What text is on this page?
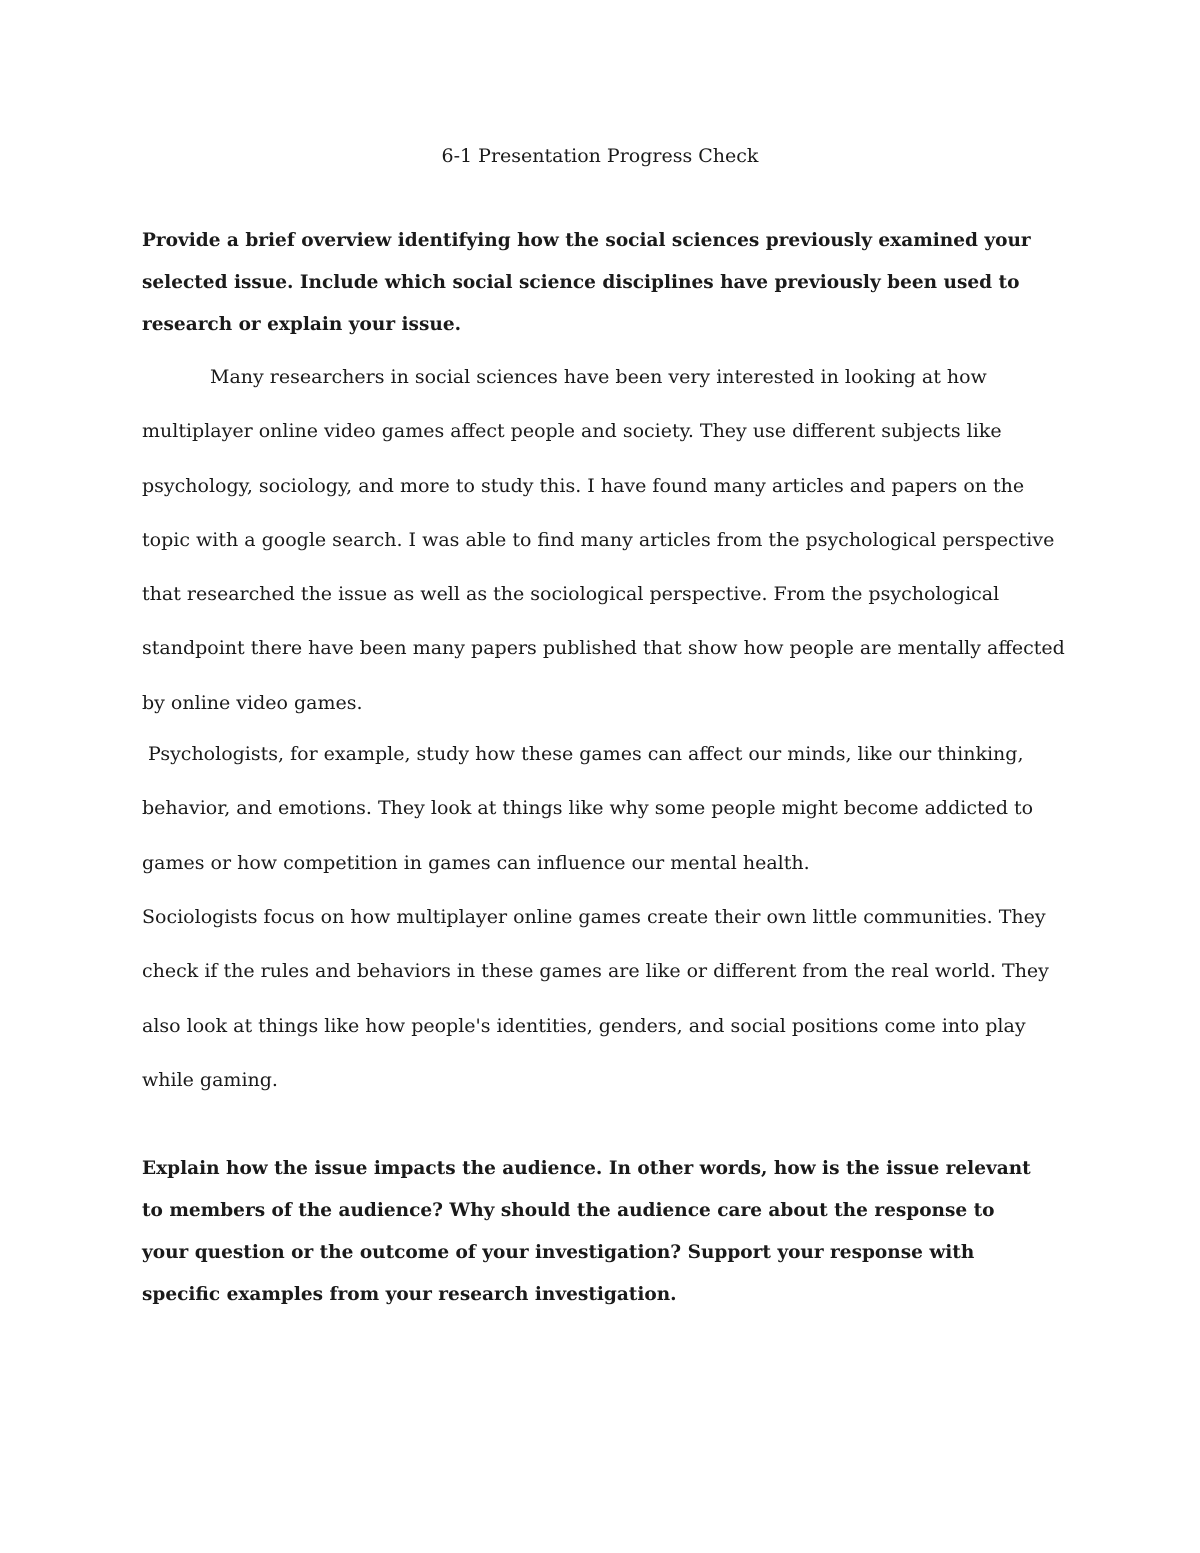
6-1 Presentation Progress Check

Provide a brief overview identifying how the social sciences previously examined your selected issue. Include which social science disciplines have previously been used to research or explain your issue.

Many researchers in social sciences have been very interested in looking at how multiplayer online video games affect people and society. They use different subjects like psychology, sociology, and more to study this. I have found many articles and papers on the topic with a google search. I was able to find many articles from the psychological perspective that researched the issue as well as the sociological perspective. From the psychological standpoint there have been many papers published that show how people are mentally affected by online video games.

Psychologists, for example, study how these games can affect our minds, like our thinking, behavior, and emotions. They look at things like why some people might become addicted to games or how competition in games can influence our mental health.

Sociologists focus on how multiplayer online games create their own little communities. They check if the rules and behaviors in these games are like or different from the real world. They also look at things like how people's identities, genders, and social positions come into play while gaming.

Explain how the issue impacts the audience. In other words, how is the issue relevant to members of the audience? Why should the audience care about the response to your question or the outcome of your investigation? Support your response with specific examples from your research investigation.
